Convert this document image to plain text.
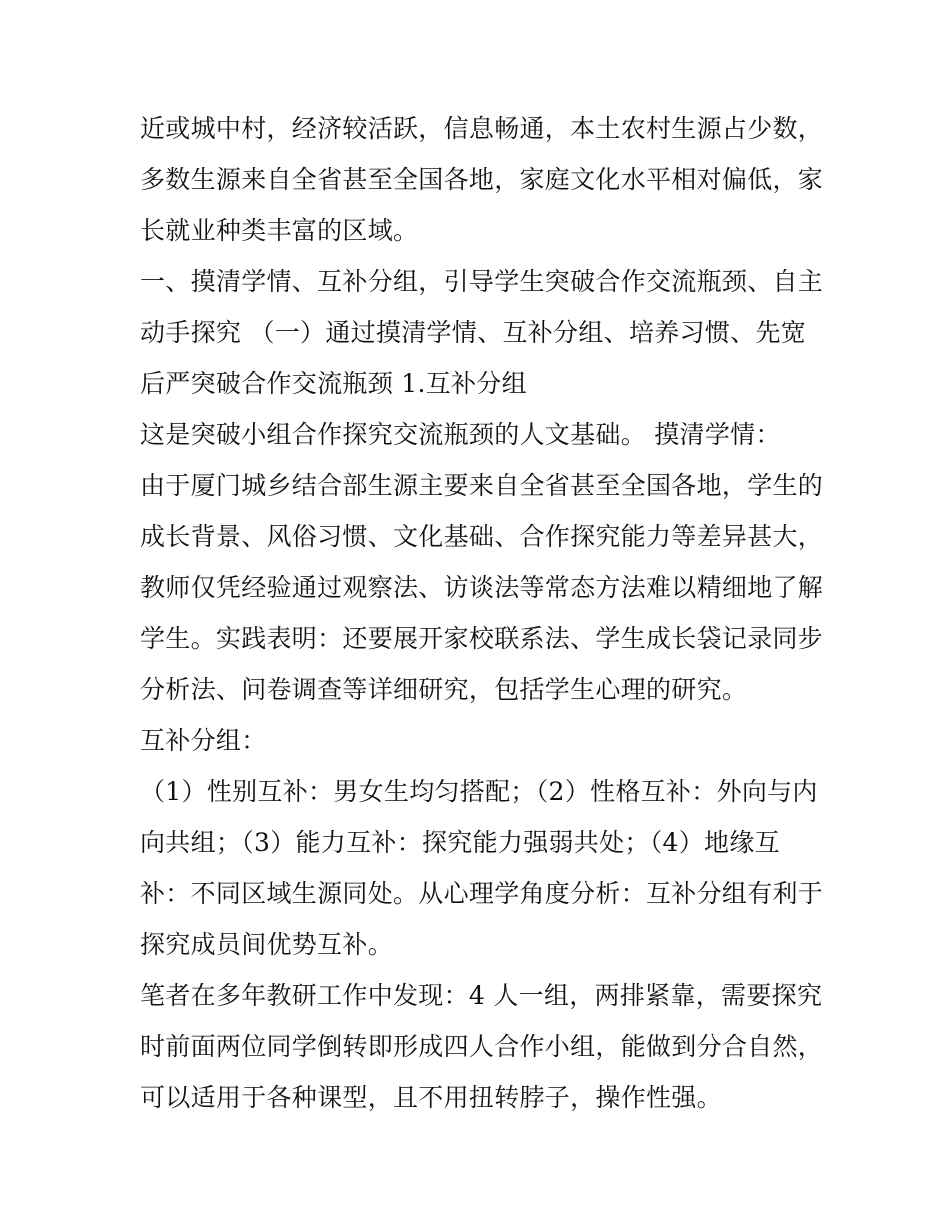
近或城中村，经济较活跃，信息畅通，本土农村生源占少数，
多数生源来自全省甚至全国各地，家庭文化水平相对偏低，家
长就业种类丰富的区域。
一、摸清学情、互补分组，引导学生突破合作交流瓶颈、自主
动手探究 （一）通过摸清学情、互补分组、培养习惯、先宽
后严突破合作交流瓶颈 1.互补分组
这是突破小组合作探究交流瓶颈的人文基础。 摸清学情：
由于厦门城乡结合部生源主要来自全省甚至全国各地，学生的
成长背景、风俗习惯、文化基础、合作探究能力等差异甚大，
教师仅凭经验通过观察法、访谈法等常态方法难以精细地了解
学生。实践表明：还要展开家校联系法、学生成长袋记录同步
分析法、问卷调查等详细研究，包括学生心理的研究。
互补分组：
（1）性别互补：男女生均匀搭配；（2）性格互补：外向与内
向共组；（3）能力互补：探究能力强弱共处；（4）地缘互
补：不同区域生源同处。从心理学角度分析：互补分组有利于
探究成员间优势互补。
笔者在多年教研工作中发现：4 人一组，两排紧靠，需要探究
时前面两位同学倒转即形成四人合作小组，能做到分合自然，
可以适用于各种课型，且不用扭转脖子，操作性强。
